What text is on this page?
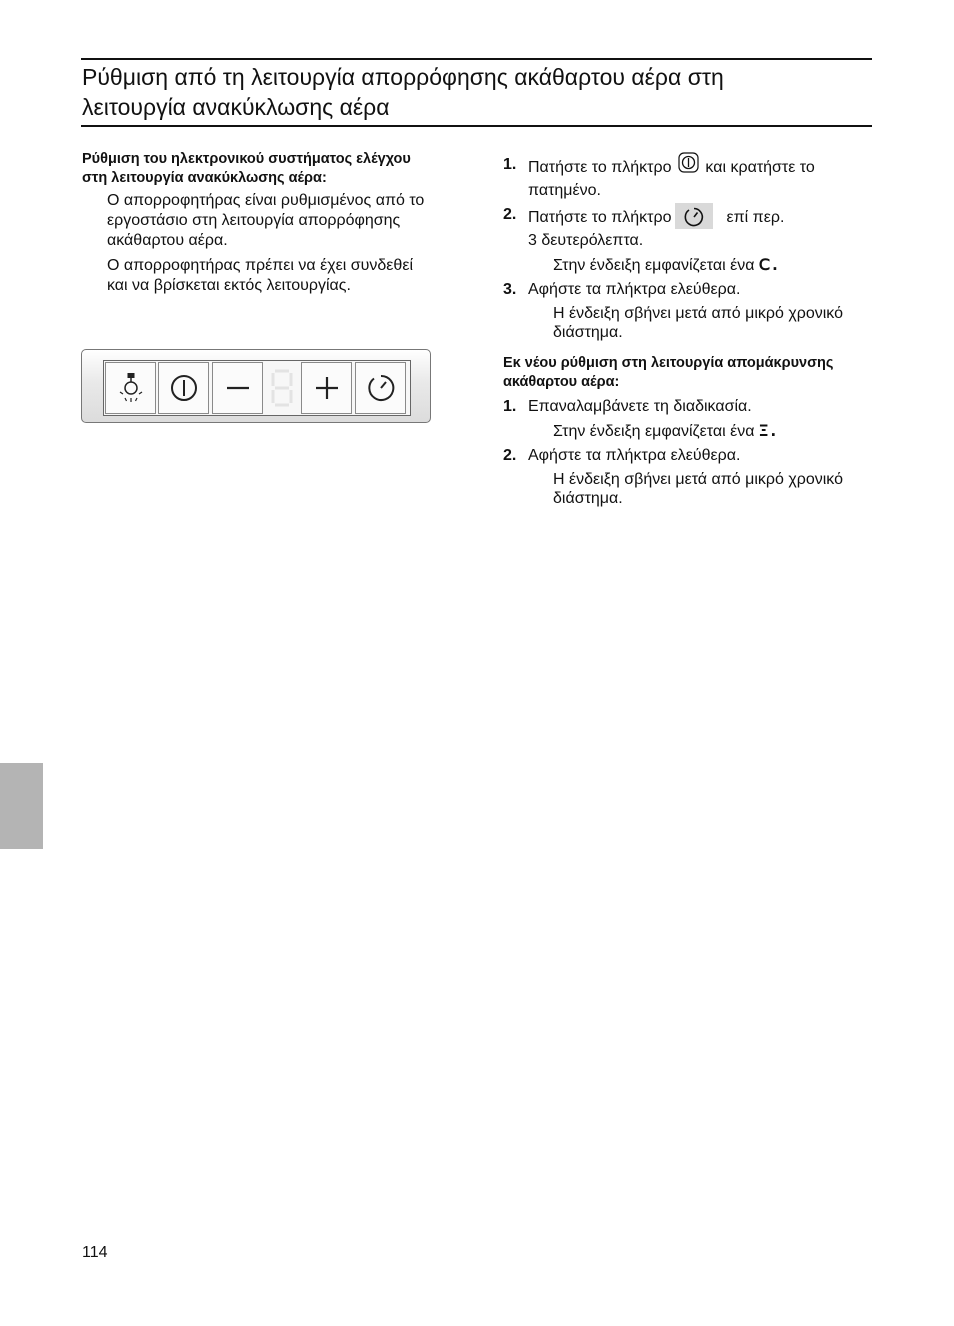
Ρύθμιση από τη λειτουργία απορρόφησης ακάθαρτου αέρα στη
λειτουργία ανακύκλωσης αέρα

Ρύθμιση του ηλεκτρονικού συστήματος ελέγχου στη λειτουργία ανακύκλωσης αέρα:

Ο απορροφητήρας είναι ρυθμισμένος από το εργοστάσιο στη λειτουργία απορρόφησης ακάθαρτου αέρα.

Ο απορροφητήρας πρέπει να έχει συνδεθεί και να βρίσκεται εκτός λειτουργίας.

1. Πατήστε το πλήκτρο και κρατήστε το πατημένο.
2. Πατήστε το πλήκτρο	επί περ.
3 δευτερόλεπτα.

Στην ένδειξη εμφανίζεται ένα Ⅽ.

3. Αφήστε τα πλήκτρα ελεύθερα.

Η ένδειξη σβήνει μετά από μικρό χρονικό διάστημα.

Εκ νέου ρύθμιση στη λειτουργία απομάκρυνσης ακάθαρτου αέρα:

1. Επαναλαμβάνετε τη διαδικασία.

Στην ένδειξη εμφανίζεται ένα Ξ.

2. Αφήστε τα πλήκτρα ελεύθερα.

Η ένδειξη σβήνει μετά από μικρό χρονικό διάστημα.

114
